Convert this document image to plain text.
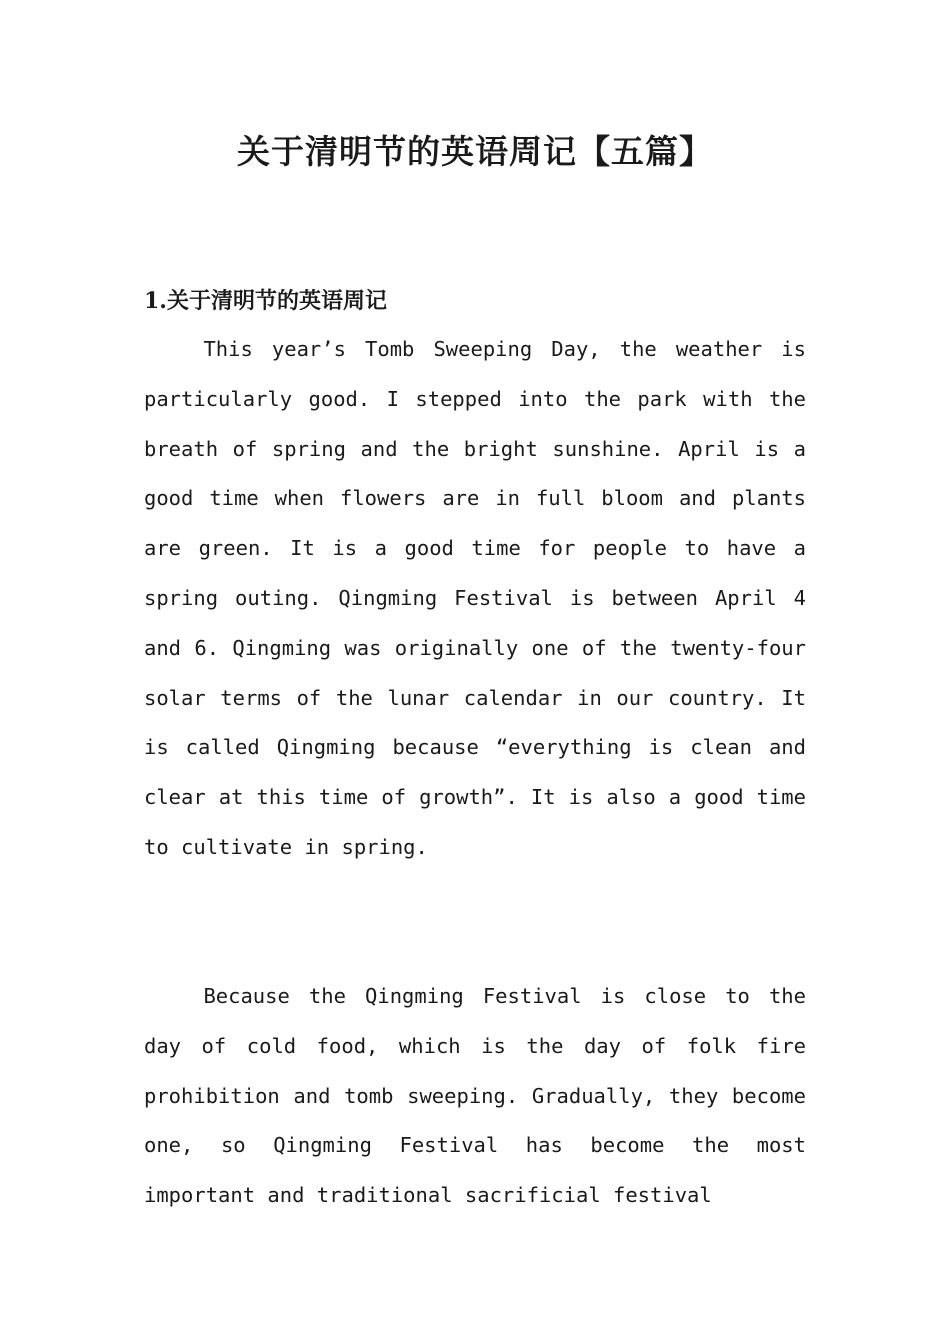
关于清明节的英语周记【五篇】
1.关于清明节的英语周记

This year’s Tomb Sweeping Day, the weather is particularly good. I stepped into the park with the breath of spring and the bright sunshine. April is a good time when flowers are in full bloom and plants are green. It is a good time for people to have a spring outing. Qingming Festival is between April 4 and 6. Qingming was originally one of the twenty-four solar terms of the lunar calendar in our country. It is called Qingming because “everything is clean and clear at this time of growth”. It is also a good time to cultivate in spring.

Because the Qingming Festival is close to the day of cold food, which is the day of folk fire prohibition and tomb sweeping. Gradually, they become one, so Qingming Festival has become the most important and traditional sacrificial festival
